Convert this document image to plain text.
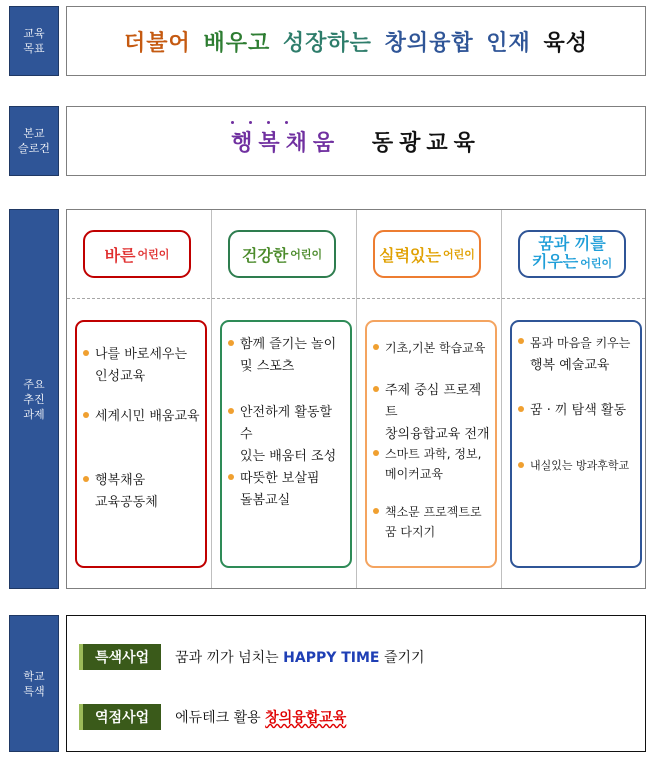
교육
목표	더불어 배우고 성장하는 창의융합 인재 육성
본교
슬로건	행복채움 동광교육
주요
추진
과제
바른 어린이
나를 바로세우는
인성교육
세계시민 배움교육
행복채움
교육공동체
건강한 어린이
함께 즐기는 놀이
및 스포츠
안전하게 활동할 수
있는 배움터 조성
따뜻한 보살핌
돌봄교실
실력있는 어린이
기초,기본 학습교육
주제 중심 프로젝트
창의융합교육 전개
스마트 과학, 정보,
메이커교육
책소문 프로젝트로
꿈 다지기
꿈과 끼를
키우는 어린이
몸과 마음을 키우는
행복 예술교육
꿈 · 끼 탐색 활동
내실있는 방과후학교
학교
특색
특색사업	꿈과 끼가 넘치는 HAPPY TIME 즐기기
역점사업	에듀테크 활용 창의융합교육
